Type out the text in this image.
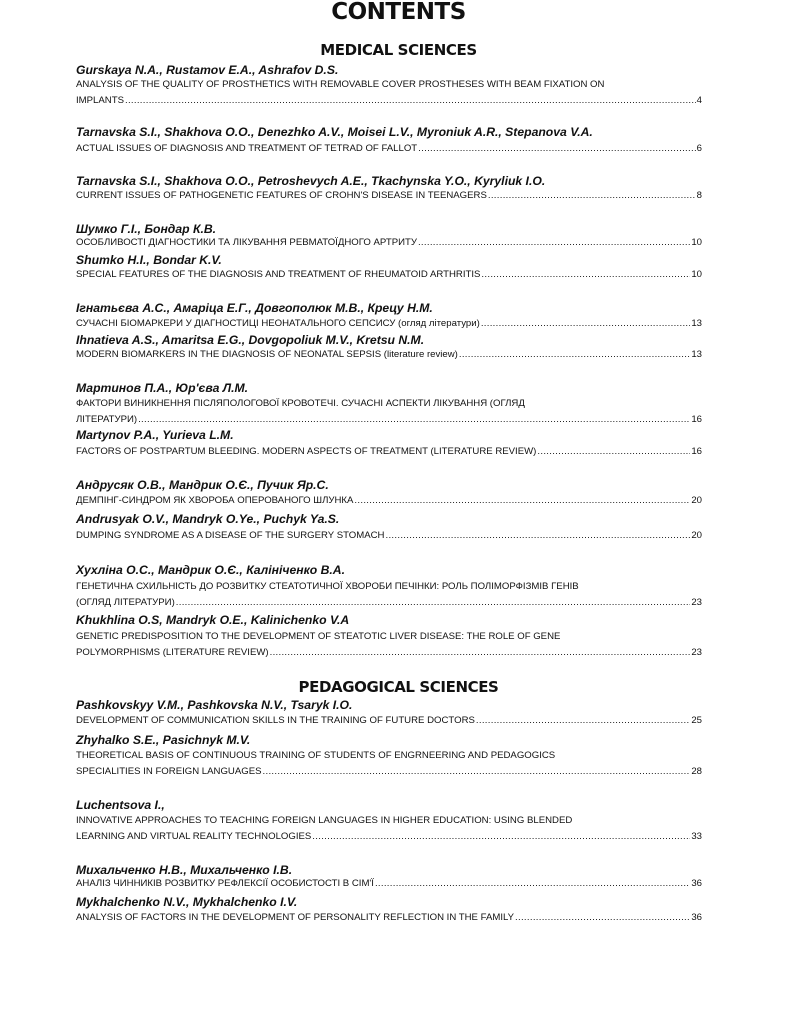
CONTENTS
MEDICAL SCIENCES
Gurskaya N.A., Rustamov E.A., Ashrafov D.S.
ANALYSIS OF THE QUALITY OF PROSTHETICS WITH REMOVABLE COVER PROSTHESES WITH BEAM FIXATION ON
IMPLANTS .....	4
Tarnavska S.I., Shakhova O.O., Denezhko A.V., Moisei L.V., Myroniuk A.R., Stepanova V.A.
ACTUAL ISSUES OF DIAGNOSIS AND TREATMENT OF TETRAD OF FALLOT .....	6
Tarnavska S.I., Shakhova O.O., Petroshevych A.E., Tkachynska Y.O., Kyryliuk I.O.
CURRENT ISSUES OF PATHOGENETIC FEATURES OF CROHN'S DISEASE IN TEENAGERS .....	8
Шумко Г.І., Бондар К.В.
ОСОБЛИВОСТІ ДІАГНОСТИКИ ТА ЛІКУВАННЯ РЕВМАТОЇДНОГО АРТРИТУ .....	10
Shumko H.I., Bondar K.V.
SPECIAL FEATURES OF THE DIAGNOSIS AND TREATMENT OF RHEUMATOID ARTHRITIS .....	10
Ігнатьєва А.С., Амаріца Е.Г., Довгополюк М.В., Крецу Н.М.
СУЧАСНІ БІОМАРКЕРИ У ДІАГНОСТИЦІ НЕОНАТАЛЬНОГО СЕПСИСУ (огляд літератури) .....	13
Ihnatieva A.S., Amaritsa E.G., Dovgopoliuk M.V., Kretsu N.M.
MODERN BIOMARKERS IN THE DIAGNOSIS OF NEONATAL SEPSIS (literature review) .....	13
Мартинов П.А., Юр'єва Л.М.
ФАКТОРИ ВИНИКНЕННЯ ПІСЛЯПОЛОГОВОЇ КРОВОТЕЧІ. СУЧАСНІ АСПЕКТИ ЛІКУВАННЯ (ОГЛЯД
ЛІТЕРАТУРИ) .....	16
Martynov P.A., Yurieva L.M.
FACTORS OF POSTPARTUM BLEEDING. MODERN ASPECTS OF TREATMENT (LITERATURE REVIEW) .....	16
Андрусяк О.В., Мандрик О.Є., Пучик Яр.С.
ДЕМПІНГ-СИНДРОМ ЯК ХВОРОБА ОПЕРОВАНОГО ШЛУНКА .....	20
Andrusyak O.V., Mandryk O.Ye., Puchyk Ya.S.
DUMPING SYNDROME AS A DISEASE OF THE SURGERY STOMACH .....	20
Хухліна О.С., Мандрик О.Є., Калініченко В.А.
ГЕНЕТИЧНА СХИЛЬНІСТЬ ДО РОЗВИТКУ СТЕАТОТИЧНОЇ ХВОРОБИ ПЕЧІНКИ: РОЛЬ ПОЛІМОРФІЗМІВ ГЕНІВ
(ОГЛЯД ЛІТЕРАТУРИ) .....	23
Khukhlina O.S, Mandryk O.E., Kalinichenko V.A
GENETIC PREDISPOSITION TO THE DEVELOPMENT OF STEATOTIC LIVER DISEASE: THE ROLE OF GENE
POLYMORPHISMS (LITERATURE REVIEW) .....	23
PEDAGOGICAL SCIENCES
Pashkovskyy V.M., Pashkovska N.V., Tsaryk I.O.
DEVELOPMENT OF COMMUNICATION SKILLS IN THE TRAINING OF FUTURE DOCTORS .....	25
Zhyhalko S.E., Pasichnyk M.V.
THEORETICAL BASIS OF CONTINUOUS TRAINING OF STUDENTS OF ENGRNEERING AND PEDAGOGICS
SPECIALITIES IN FOREIGN LANGUAGES .....	28
Luchentsova I.,
INNOVATIVE APPROACHES TO TEACHING FOREIGN LANGUAGES IN HIGHER EDUCATION: USING BLENDED
LEARNING AND VIRTUAL REALITY TECHNOLOGIES .....	33
Михальченко Н.В., Михальченко І.В.
АНАЛІЗ ЧИННИКІВ РОЗВИТКУ РЕФЛЕКСІЇ ОСОБИСТОСТІ В СІМ'Ї .....	36
Mykhalchenko N.V., Mykhalchenko I.V.
ANALYSIS OF FACTORS IN THE DEVELOPMENT OF PERSONALITY REFLECTION IN THE FAMILY .....	36
